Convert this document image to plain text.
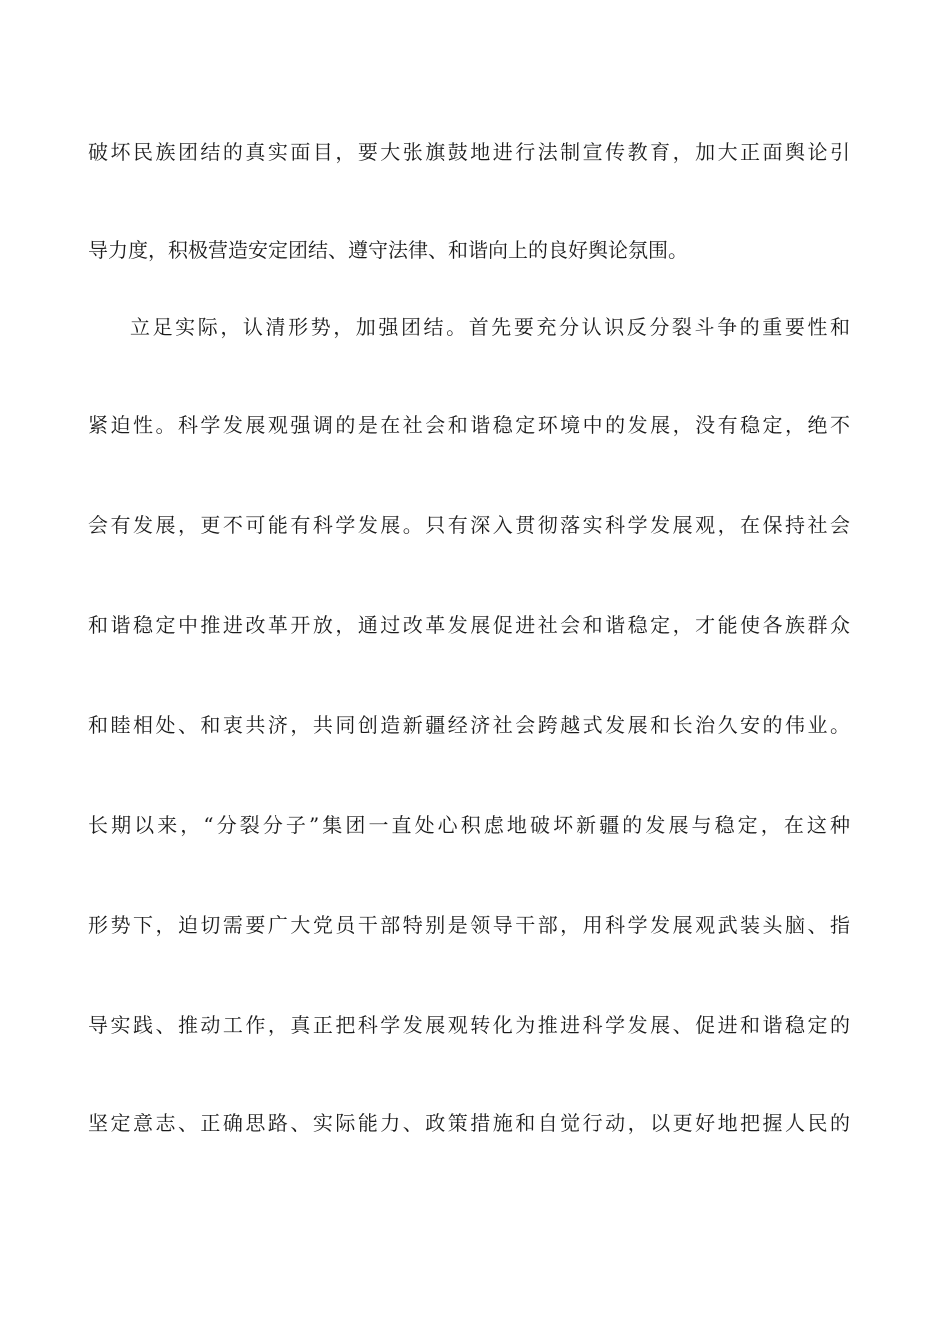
破坏民族团结的真实面目，要大张旗鼓地进行法制宣传教育，加大正面舆论引
导力度，积极营造安定团结、遵守法律、和谐向上的良好舆论氛围。
立足实际，认清形势，加强团结。首先要充分认识反分裂斗争的重要性和
紧迫性。科学发展观强调的是在社会和谐稳定环境中的发展，没有稳定，绝不
会有发展，更不可能有科学发展。只有深入贯彻落实科学发展观，在保持社会
和谐稳定中推进改革开放，通过改革发展促进社会和谐稳定，才能使各族群众
和睦相处、和衷共济，共同创造新疆经济社会跨越式发展和长治久安的伟业。
长期以来，“分裂分子”集团一直处心积虑地破坏新疆的发展与稳定，在这种
形势下，迫切需要广大党员干部特别是领导干部，用科学发展观武装头脑、指
导实践、推动工作，真正把科学发展观转化为推进科学发展、促进和谐稳定的
坚定意志、正确思路、实际能力、政策措施和自觉行动，以更好地把握人民的
